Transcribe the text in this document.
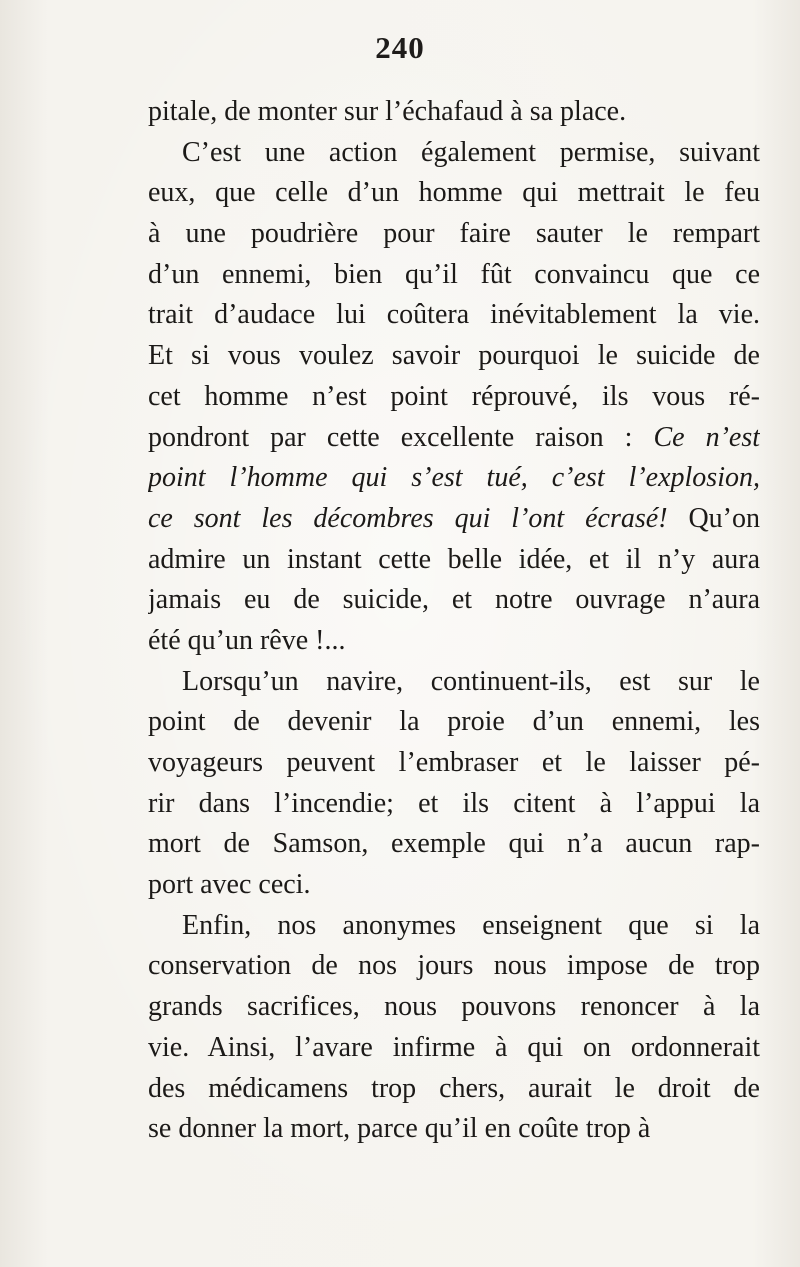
240
pitale, de monter sur l’échafaud à sa place.
C’est une action également permise, suivant
eux, que celle d’un homme qui mettrait le feu
à une poudrière pour faire sauter le rempart
d’un ennemi, bien qu’il fût convaincu que ce
trait d’audace lui coûtera inévitablement la vie.
Et si vous voulez savoir pourquoi le suicide de
cet homme n’est point réprouvé, ils vous ré-
pondront par cette excellente raison : Ce n’est
point l’homme qui s’est tué, c’est l’explosion,
ce sont les décombres qui l’ont écrasé! Qu’on
admire un instant cette belle idée, et il n’y aura
jamais eu de suicide, et notre ouvrage n’aura
été qu’un rêve !...
Lorsqu’un navire, continuent-ils, est sur le
point de devenir la proie d’un ennemi, les
voyageurs peuvent l’embraser et le laisser pé-
rir dans l’incendie; et ils citent à l’appui la
mort de Samson, exemple qui n’a aucun rap-
port avec ceci.
Enfin, nos anonymes enseignent que si la
conservation de nos jours nous impose de trop
grands sacrifices, nous pouvons renoncer à la
vie. Ainsi, l’avare infirme à qui on ordonnerait
des médicamens trop chers, aurait le droit de
se donner la mort, parce qu’il en coûte trop à
